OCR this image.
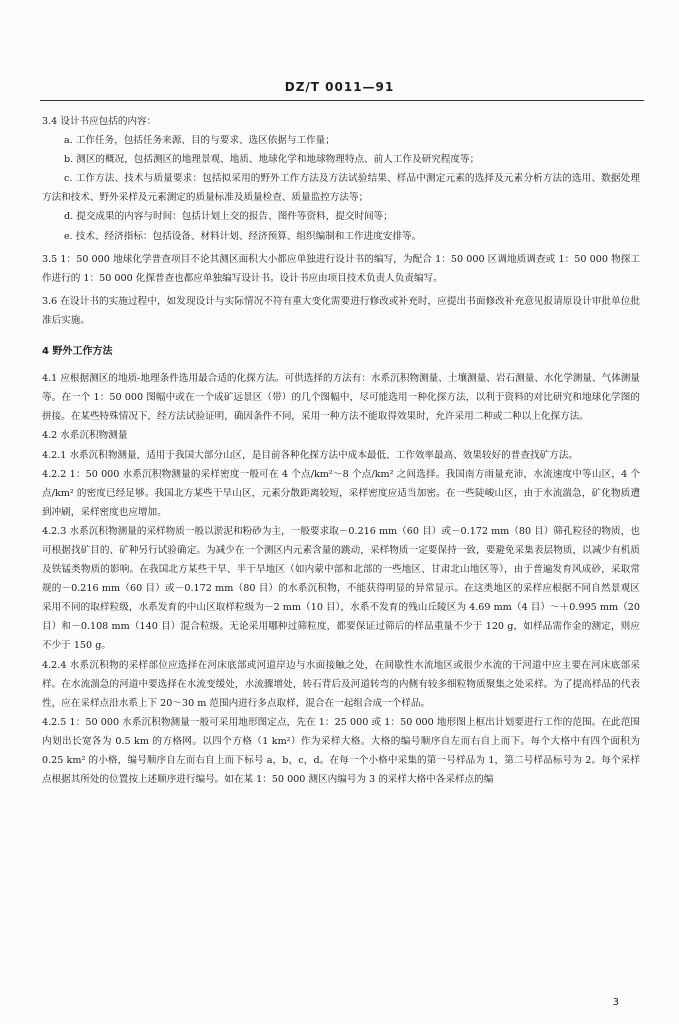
DZ/T 0011—91

3.4 设计书应包括的内容：

a. 工作任务，包括任务来源、目的与要求、选区依据与工作量；

b. 测区的概况，包括测区的地理景观、地质、地球化学和地球物理特点、前人工作及研究程度等；

c. 工作方法、技术与质量要求：包括拟采用的野外工作方法及方法试验结果、样品中测定元素的选择及元素分析方法的选用、数据处理方法和技术、野外采样及元素测定的质量标准及质量检查、质量监控方法等；

d. 提交成果的内容与时间：包括计划上交的报告、图件等资料，提交时间等；

e. 技术、经济指标：包括设备、材料计划、经济预算、组织编制和工作进度安排等。

3.5 1：50 000 地球化学普查项目不论其测区面积大小都应单独进行设计书的编写，为配合 1：50 000 区调地质调查或 1：50 000 物探工作进行的 1：50 000 化探普查也都应单独编写设计书。设计书应由项目技术负责人负责编写。

3.6 在设计书的实施过程中，如发现设计与实际情况不符有重大变化需要进行修改或补充时，应提出书面修改补充意见报请原设计审批单位批准后实施。

4 野外工作方法

4.1 应根据测区的地质-地理条件选用最合适的化探方法。可供选择的方法有：水系沉积物测量、土壤测量、岩石测量、水化学测量、气体测量等。在一个 1：50 000 图幅中或在一个成矿远景区（带）的几个图幅中，尽可能选用一种化探方法，以利于资料的对比研究和地球化学图的拼接。在某些特殊情况下，经方法试验证明，确因条件不同，采用一种方法不能取得效果时，允许采用二种或二种以上化探方法。

4.2 水系沉积物测量

4.2.1 水系沉积物测量，适用于我国大部分山区，是目前各种化探方法中成本最低、工作效率最高、效果较好的普查找矿方法。

4.2.2 1：50 000 水系沉积物测量的采样密度一般可在 4 个点/km²～8 个点/km² 之间选择。我国南方雨量充沛，水流速度中等山区，4 个点/km² 的密度已经足够。我国北方某些干旱山区，元素分散距离较短，采样密度应适当加密。在一些陡峻山区，由于水流湍急，矿化物质遭到冲刷，采样密度也应增加。

4.2.3 水系沉积物测量的采样物质一般以淤泥和粉砂为主，一般要求取－0.216 mm（60 目）或－0.172 mm（80 目）筛孔粒径的物质，也可根据找矿目的、矿种另行试验确定。为减少在一个测区内元素含量的跳动，采样物质一定要保持一致，要避免采集表层物质，以减少有机质及铁锰类物质的影响。在我国北方某些干旱、半干旱地区（如内蒙中部和北部的一些地区、甘肃北山地区等），由于普遍发育风成砂，采取常规的－0.216 mm（60 目）或－0.172 mm（80 目）的水系沉积物，不能获得明显的异常显示。在这类地区的采样应根据不同自然景观区采用不同的取样粒级，水系发育的中山区取样粒级为－2 mm（10 目），水系不发育的残山丘陵区为 4.69 mm（4 目）～＋0.995 mm（20 目）和－0.108 mm（140 目）混合粒级。无论采用哪种过筛粒度，都要保证过筛后的样品重量不少于 120 g，如样品需作金的测定，则应不少于 150 g。

4.2.4 水系沉积物的采样部位应选择在河床底部或河道岸边与水面接触之处，在间歇性水流地区或很少水流的干河道中应主要在河床底部采样。在水流湍急的河道中要选择在水流变缓处，水流骤增处，转石背后及河道转弯的内侧有较多细粒物质聚集之处采样。为了提高样品的代表性，应在采样点沿水系上下 20～30 m 范围内进行多点取样，混合在一起组合成一个样品。

4.2.5 1：50 000 水系沉积物测量一般可采用地形图定点，先在 1：25 000 或 1：50 000 地形图上框出计划要进行工作的范围。在此范围内划出长宽各为 0.5 km 的方格网。以四个方格（1 km²）作为采样大格。大格的编号顺序自左而右自上而下。每个大格中有四个面积为 0.25 km² 的小格，编号顺序自左而右自上而下标号 a，b，c，d。在每一个小格中采集的第一号样品为 1，第二号样品标号为 2。每个采样点根据其所处的位置按上述顺序进行编号。如在某 1：50 000 测区内编号为 3 的采样大格中各采样点的编

3
